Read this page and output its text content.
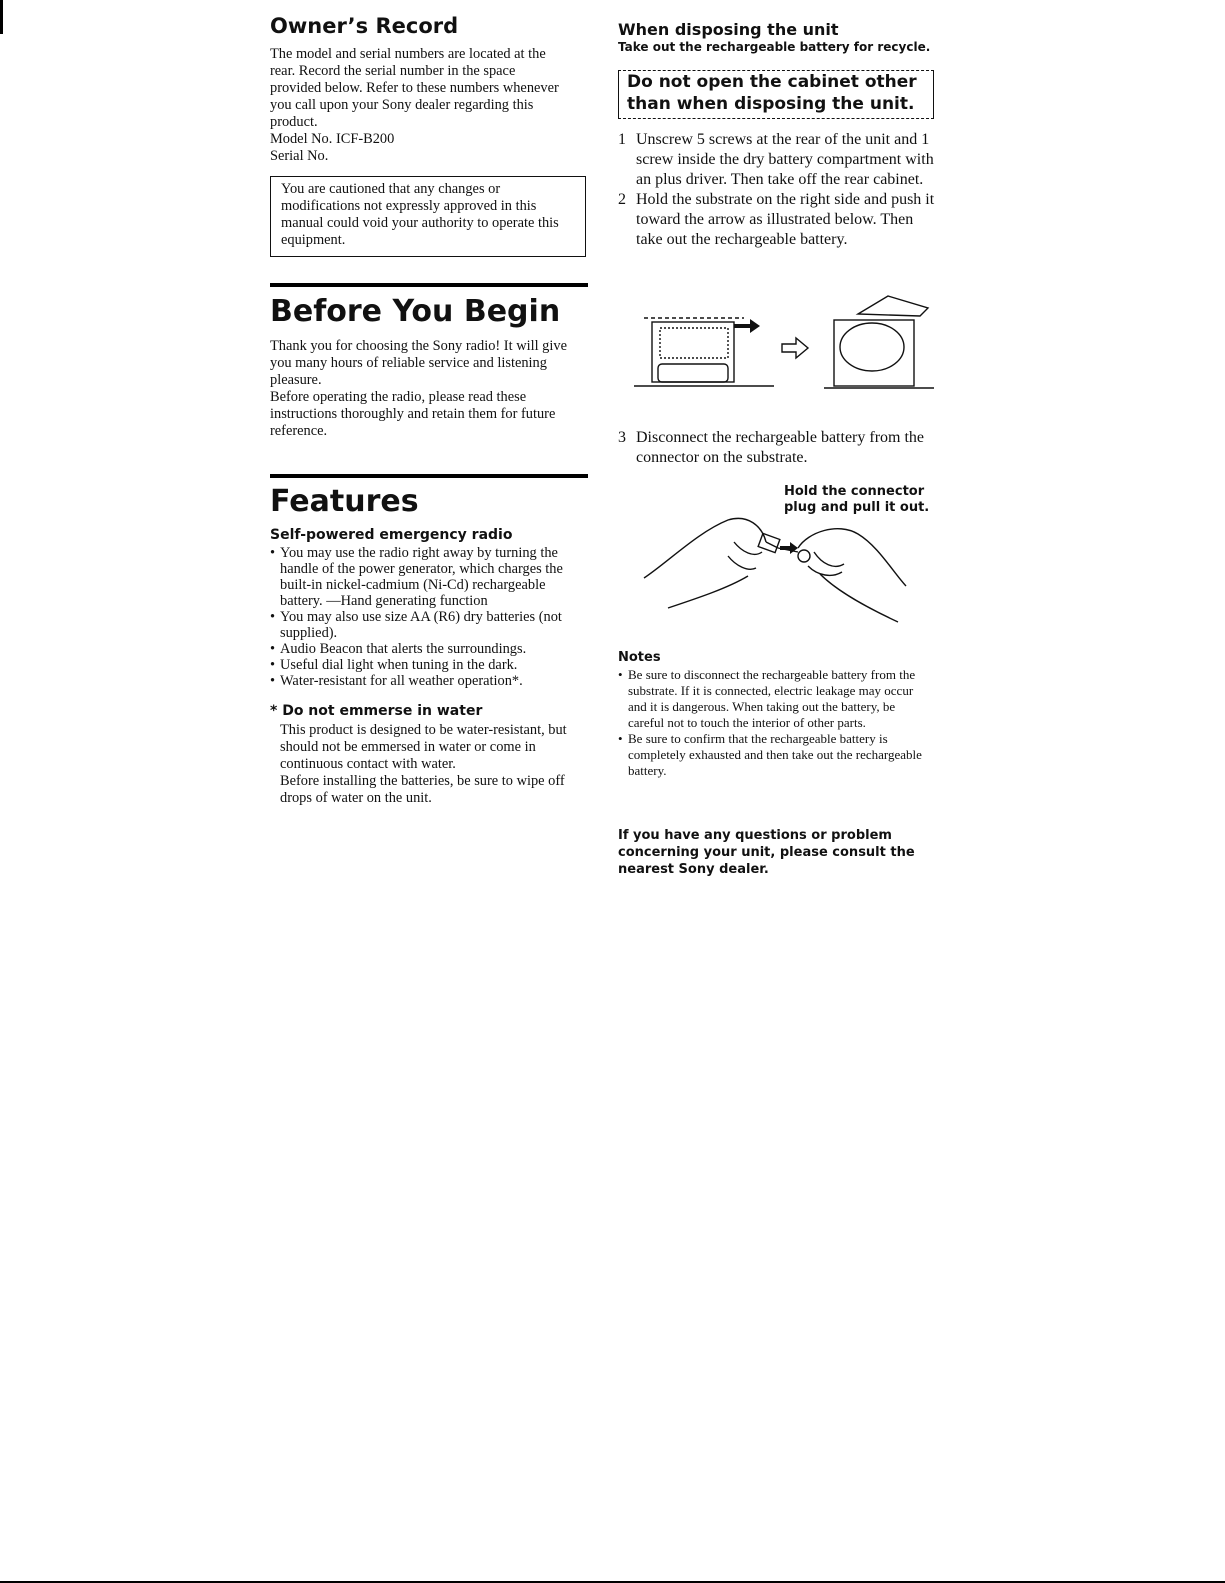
Owner’s Record

The model and serial numbers are located at the rear. Record the serial number in the space provided below. Refer to these numbers whenever you call upon your Sony dealer regarding this product.

Model No. ICF-B200

Serial No.

You are cautioned that any changes or modifications not expressly approved in this manual could void your authority to operate this equipment.

Before You Begin

Thank you for choosing the Sony radio! It will give you many hours of reliable service and listening pleasure.

Before operating the radio, please read these instructions thoroughly and retain them for future reference.

Features
Self-powered emergency radio
• You may use the radio right away by turning the handle of the power generator, which charges the built-in nickel-cadmium (Ni-Cd) rechargeable battery. —Hand generating function
• You may also use size AA (R6) dry batteries (not supplied).
• Audio Beacon that alerts the surroundings.
• Useful dial light when tuning in the dark.
• Water-resistant for all weather operation*.
* Do not emmerse in water

This product is designed to be water-resistant, but should not be emmersed in water or come in continuous contact with water.

Before installing the batteries, be sure to wipe off drops of water on the unit.

When disposing the unit
Take out the rechargeable battery for recycle.
Do not open the cabinet other than when disposing the unit.
1 Unscrew 5 screws at the rear of the unit and 1 screw inside the dry battery compartment with an plus driver. Then take off the rear cabinet.
2 Hold the substrate on the right side and push it toward the arrow as illustrated below. Then take out the rechargeable battery.
3 Disconnect the rechargeable battery from the connector on the substrate.
Hold the connector plug and pull it out.
Notes
• Be sure to disconnect the rechargeable battery from the substrate. If it is connected, electric leakage may occur and it is dangerous. When taking out the battery, be careful not to touch the interior of other parts.
• Be sure to confirm that the rechargeable battery is completely exhausted and then take out the rechargeable battery.
If you have any questions or problem concerning your unit, please consult the nearest Sony dealer.
